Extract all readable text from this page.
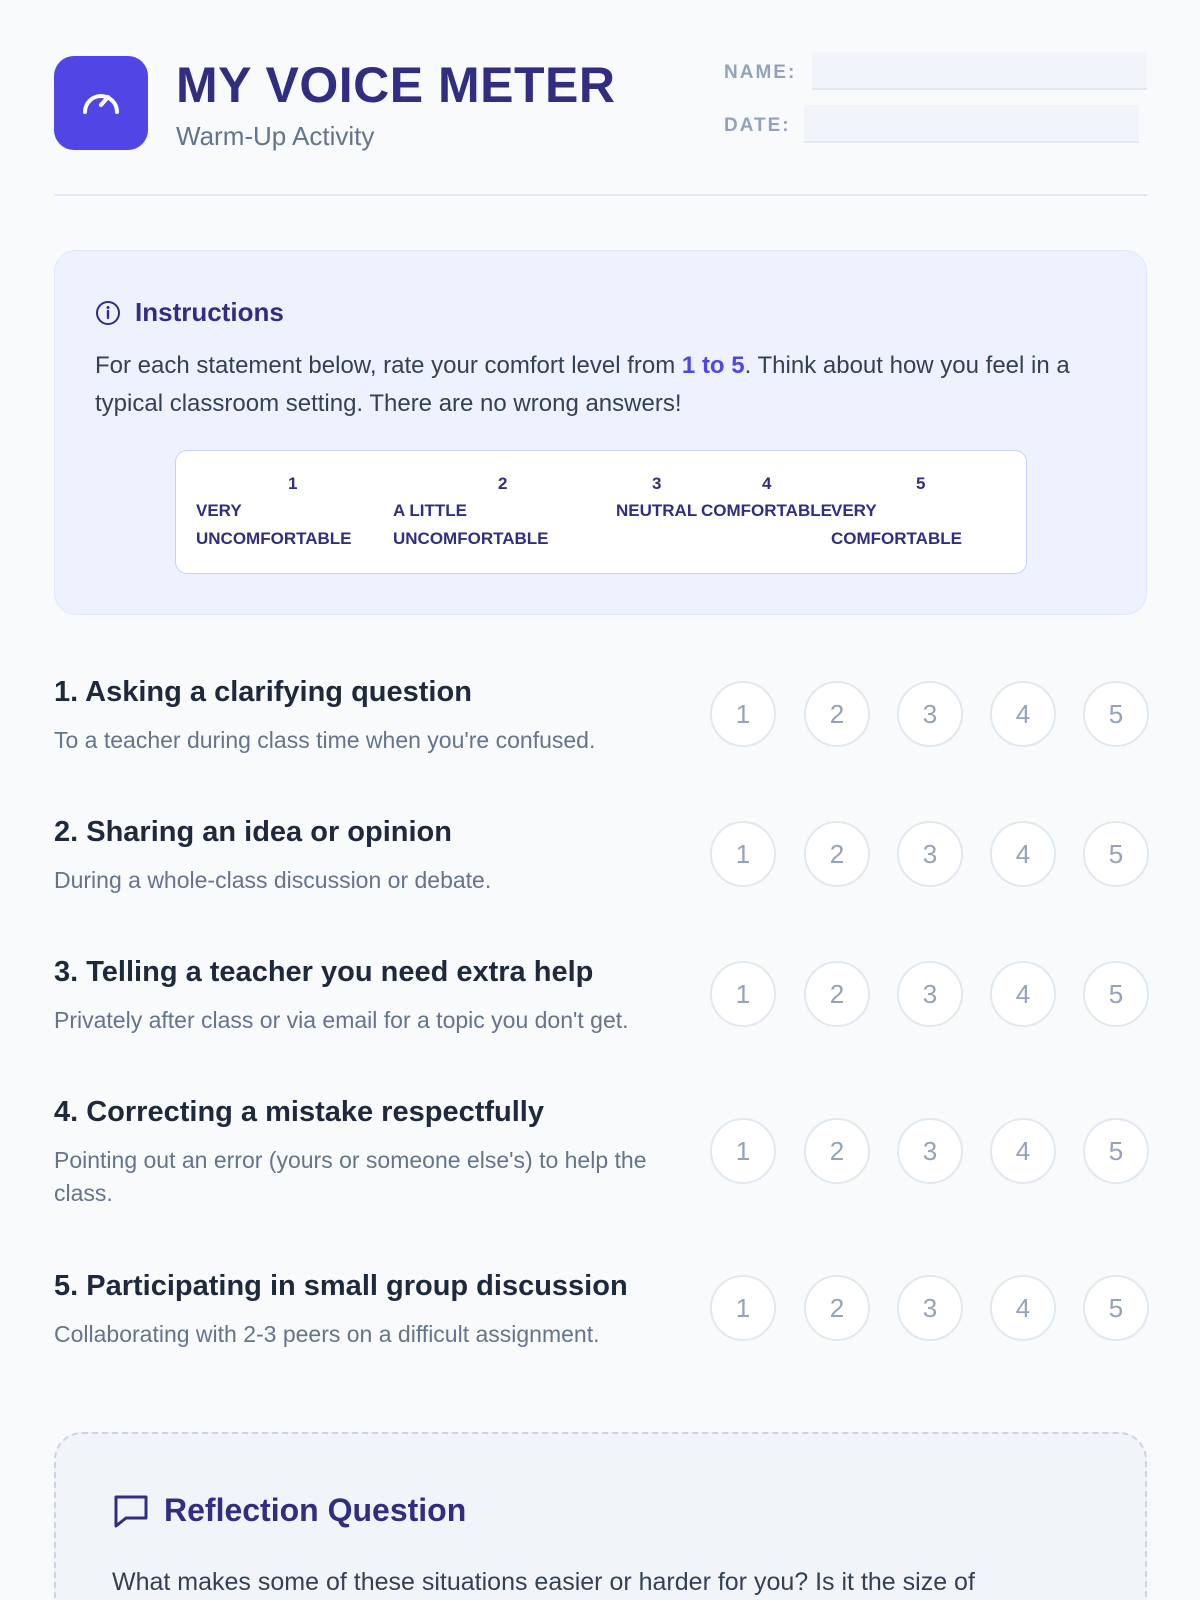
MY VOICE METER
Warm-Up Activity
NAME:
DATE:
Instructions
For each statement below, rate your comfort level from 1 to 5. Think about how you feel in a typical classroom setting. There are no wrong answers!
1
VERY
UNCOMFORTABLE
2
A LITTLE
UNCOMFORTABLE
3
NEUTRAL
4
COMFORTABLE
5
VERY
COMFORTABLE
1. Asking a clarifying question
To a teacher during class time when you're confused.
1	2	3	4	5
2. Sharing an idea or opinion
During a whole-class discussion or debate.
1	2	3	4	5
3. Telling a teacher you need extra help
Privately after class or via email for a topic you don't get.
1	2	3	4	5
4. Correcting a mistake respectfully
Pointing out an error (yours or someone else's) to help the class.
1	2	3	4	5
5. Participating in small group discussion
Collaborating with 2-3 peers on a difficult assignment.
1	2	3	4	5
Reflection Question
What makes some of these situations easier or harder for you? Is it the size of
